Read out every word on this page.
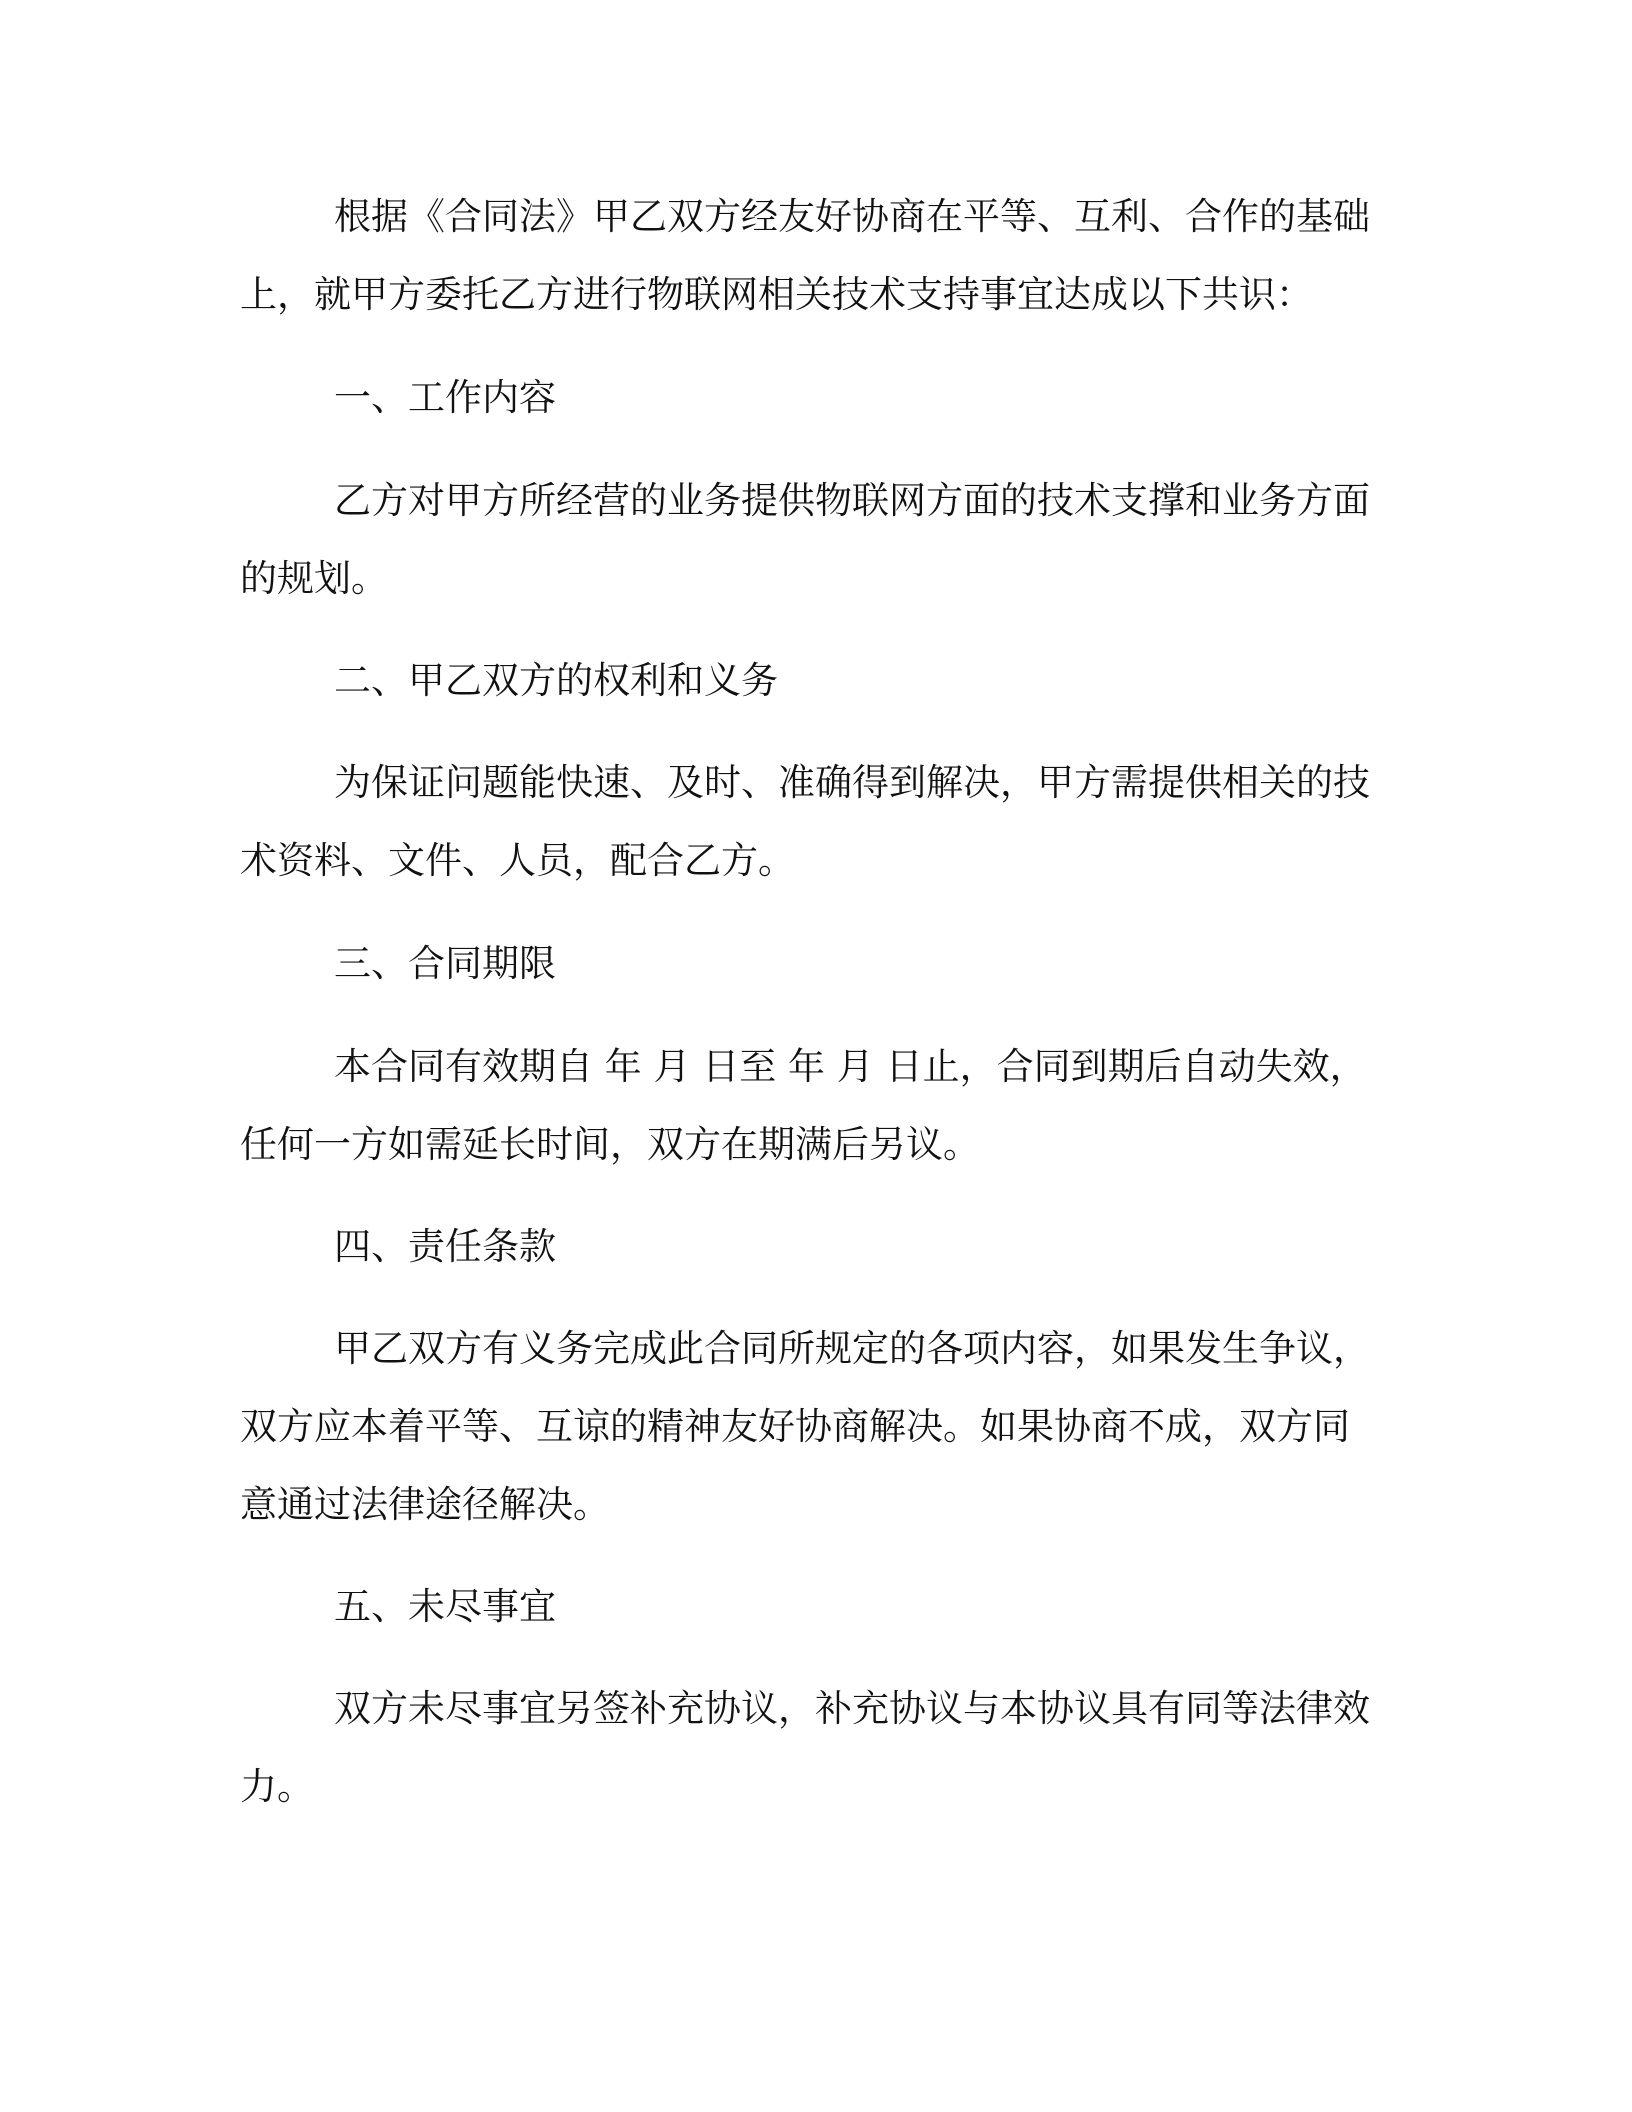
根据《合同法》甲乙双方经友好协商在平等、互利、合作的基础
上，就甲方委托乙方进行物联网相关技术支持事宜达成以下共识：
一、工作内容
乙方对甲方所经营的业务提供物联网方面的技术支撑和业务方面
的规划。
二、甲乙双方的权利和义务
为保证问题能快速、及时、准确得到解决，甲方需提供相关的技
术资料、文件、人员，配合乙方。
三、合同期限
本合同有效期自 年 月 日至 年 月 日止，合同到期后自动失效，
任何一方如需延长时间，双方在期满后另议。
四、责任条款
甲乙双方有义务完成此合同所规定的各项内容，如果发生争议，
双方应本着平等、互谅的精神友好协商解决。如果协商不成，双方同
意通过法律途径解决。
五、未尽事宜
双方未尽事宜另签补充协议，补充协议与本协议具有同等法律效
力。
